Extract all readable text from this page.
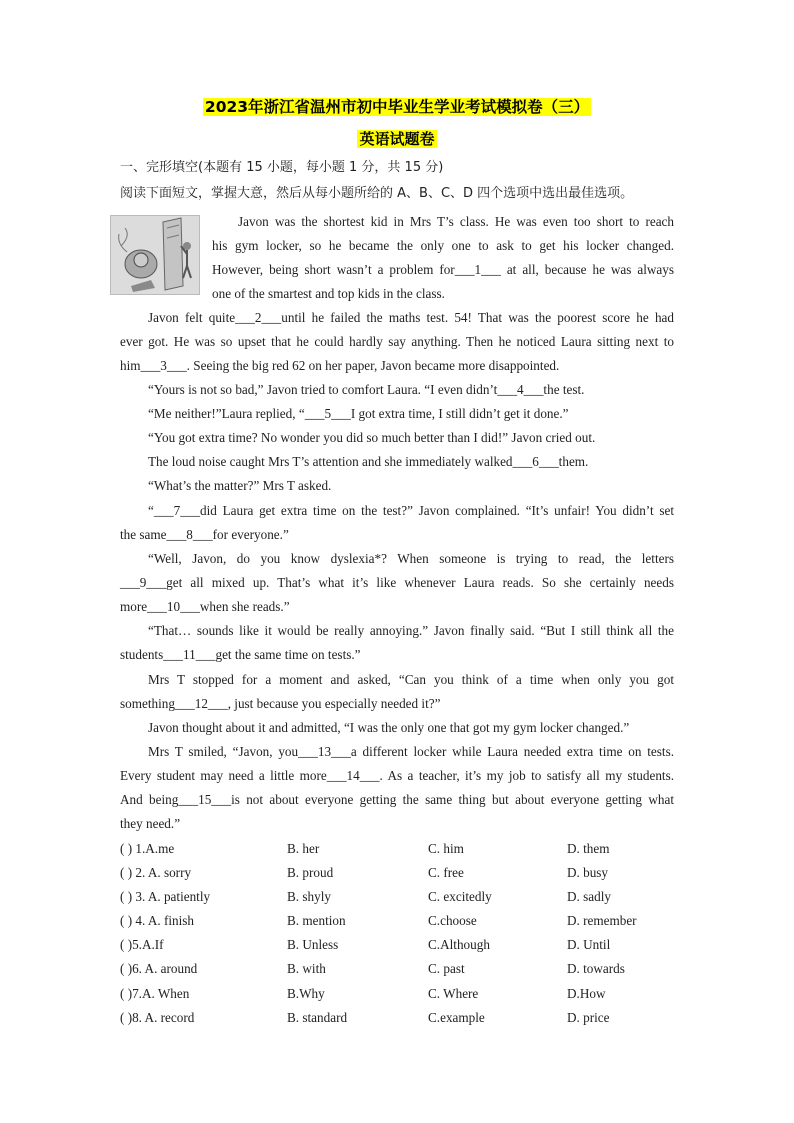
2023年浙江省温州市初中毕业生学业考试模拟卷（三）
英语试题卷
一、完形填空(本题有 15 小题，每小题 1 分，共 15 分)
阅读下面短文，掌握大意，然后从每小题所给的 A、B、C、D 四个选项中选出最佳选项。
Javon was the shortest kid in Mrs T’s class. He was even too short to reach
his gym locker, so he became the only one to ask to get his locker changed.
However, being short wasn’t a problem for___1___ at all, because he was always
one of the smartest and top kids in the class.
Javon felt quite___2___until he failed the maths test. 54! That was the poorest score he had
ever got. He was so upset that he could hardly say anything. Then he noticed Laura sitting next to
him___3___. Seeing the big red 62 on her paper, Javon became more disappointed.
“Yours is not so bad,” Javon tried to comfort Laura. “I even didn’t___4___the test.
“Me neither!”Laura replied, “___5___I got extra time, I still didn’t get it done.”
“You got extra time? No wonder you did so much better than I did!” Javon cried out.
The loud noise caught Mrs T’s attention and she immediately walked___6___them.
“What’s the matter?” Mrs T asked.
“___7___did Laura get extra time on the test?” Javon complained. “It’s unfair! You didn’t set
the same___8___for everyone.”
“Well, Javon, do you know dyslexia*? When someone is trying to read, the letters
___9___get all mixed up. That’s what it’s like whenever Laura reads. So she certainly needs
more___10___when she reads.”
“That… sounds like it would be really annoying.” Javon finally said. “But I still think all the
students___11___get the same time on tests.”
Mrs T stopped for a moment and asked, “Can you think of a time when only you got
something___12___, just because you especially needed it?”
Javon thought about it and admitted, “I was the only one that got my gym locker changed.”
Mrs T smiled, “Javon, you___13___a different locker while Laura needed extra time on tests.
Every student may need a little more___14___. As a teacher, it’s my job to satisfy all my students.
And being___15___is not about everyone getting the same thing but about everyone getting what
they need.”
( ) 1.A.me	B. her	C. him	D. them
( ) 2. A. sorry	B. proud	C. free	D. busy
( ) 3. A. patiently	B. shyly	C. excitedly	D. sadly
( ) 4. A. finish	B. mention	C.choose	D. remember
( )5.A.If	B. Unless	C.Although	D. Until
( )6. A. around	B. with	C. past	D. towards
( )7.A. When	B.Why	C. Where	D.How
( )8. A. record	B. standard	C.example	D. price
